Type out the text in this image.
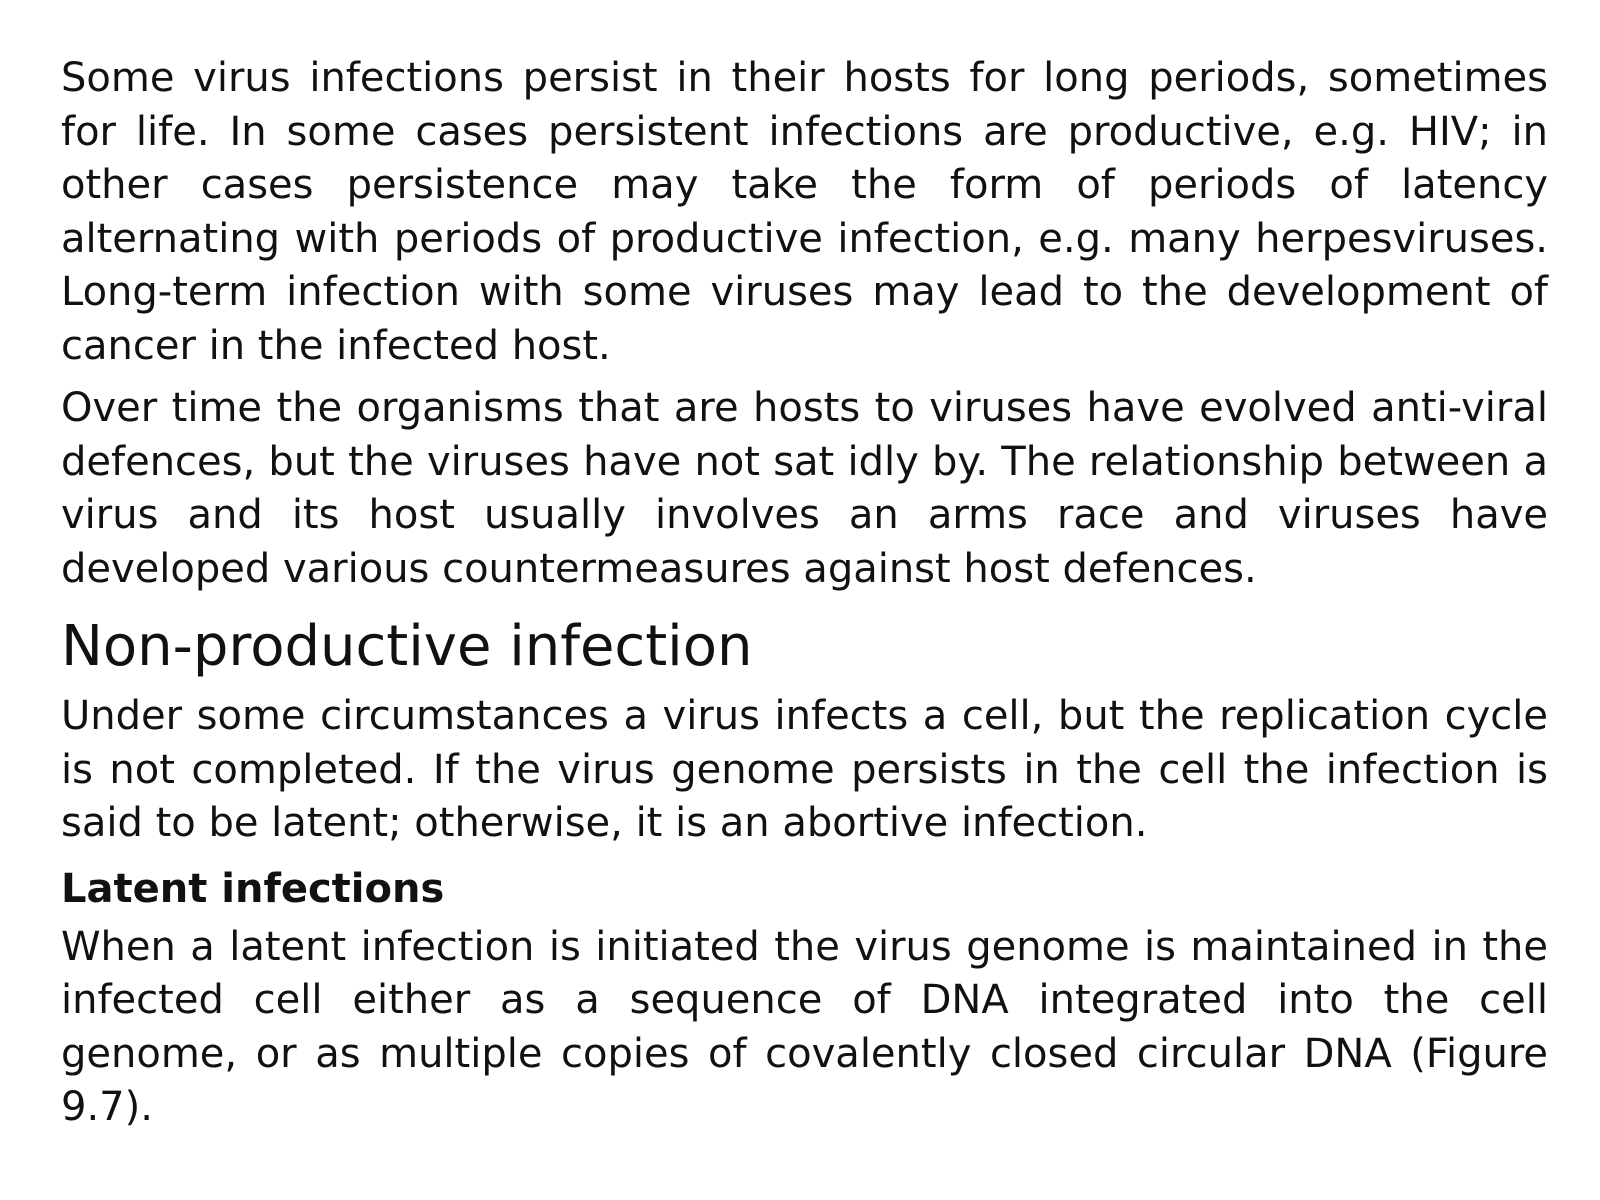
Some virus infections persist in their hosts for long periods, sometimes for life. In some cases persistent infections are productive, e.g. HIV; in other cases persistence may take the form of periods of latency alternating with periods of productive infection, e.g. many herpesviruses. Long-term infection with some viruses may lead to the development of cancer in the infected host.

Over time the organisms that are hosts to viruses have evolved anti-viral defences, but the viruses have not sat idly by. The relationship between a virus and its host usually involves an arms race and viruses have developed various countermeasures against host defences.

Non-productive infection

Under some circumstances a virus infects a cell, but the replication cycle is not completed. If the virus genome persists in the cell the infection is said to be latent; otherwise, it is an abortive infection.

Latent infections

When a latent infection is initiated the virus genome is maintained in the infected cell either as a sequence of DNA integrated into the cell genome, or as multiple copies of covalently closed circular DNA (Figure 9.7).
